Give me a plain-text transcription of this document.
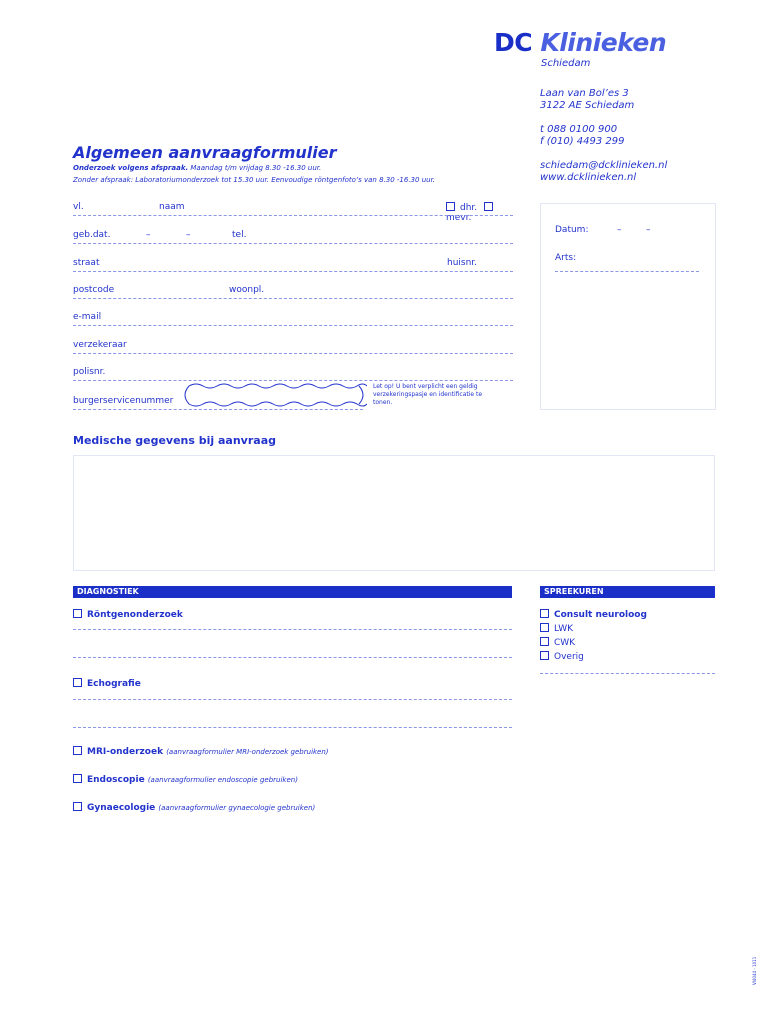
DC Klinieken
Schiedam
Laan van Bol’es 3
3122 AE Schiedam
t 088 0100 900
f (010) 4493 299
schiedam@dcklinieken.nl
www.dcklinieken.nl
Algemeen aanvraagformulier
Onderzoek volgens afspraak. Maandag t/m vrijdag 8.30 -16.30 uur.
Zonder afspraak: Laboratoriumonderzoek tot 15.30 uur. Eenvoudige röntgenfoto’s van 8.30 -16.30 uur.
vl.	naam	dhr. mevr.
geb.dat.	–	–	tel.
straat	huisnr.
postcode	woonpl.
e-mail
verzekeraar
polisnr.
burgerservicenummer
Let op! U bent verplicht een geldig verzekeringspasje en identificatie te tonen.
Datum:	–	–
Arts:
Medische gegevens bij aanvraag
DIAGNOSTIEK
Röntgenonderzoek
Echografie
MRI-onderzoek (aanvraagformulier MRI-onderzoek gebruiken)
Endoscopie (aanvraagformulier endoscopie gebruiken)
Gynaecologie (aanvraagformulier gynaecologie gebruiken)
SPREEKUREN
Consult neuroloog
LWK
CWK
Overig
VI4044 - 1011
